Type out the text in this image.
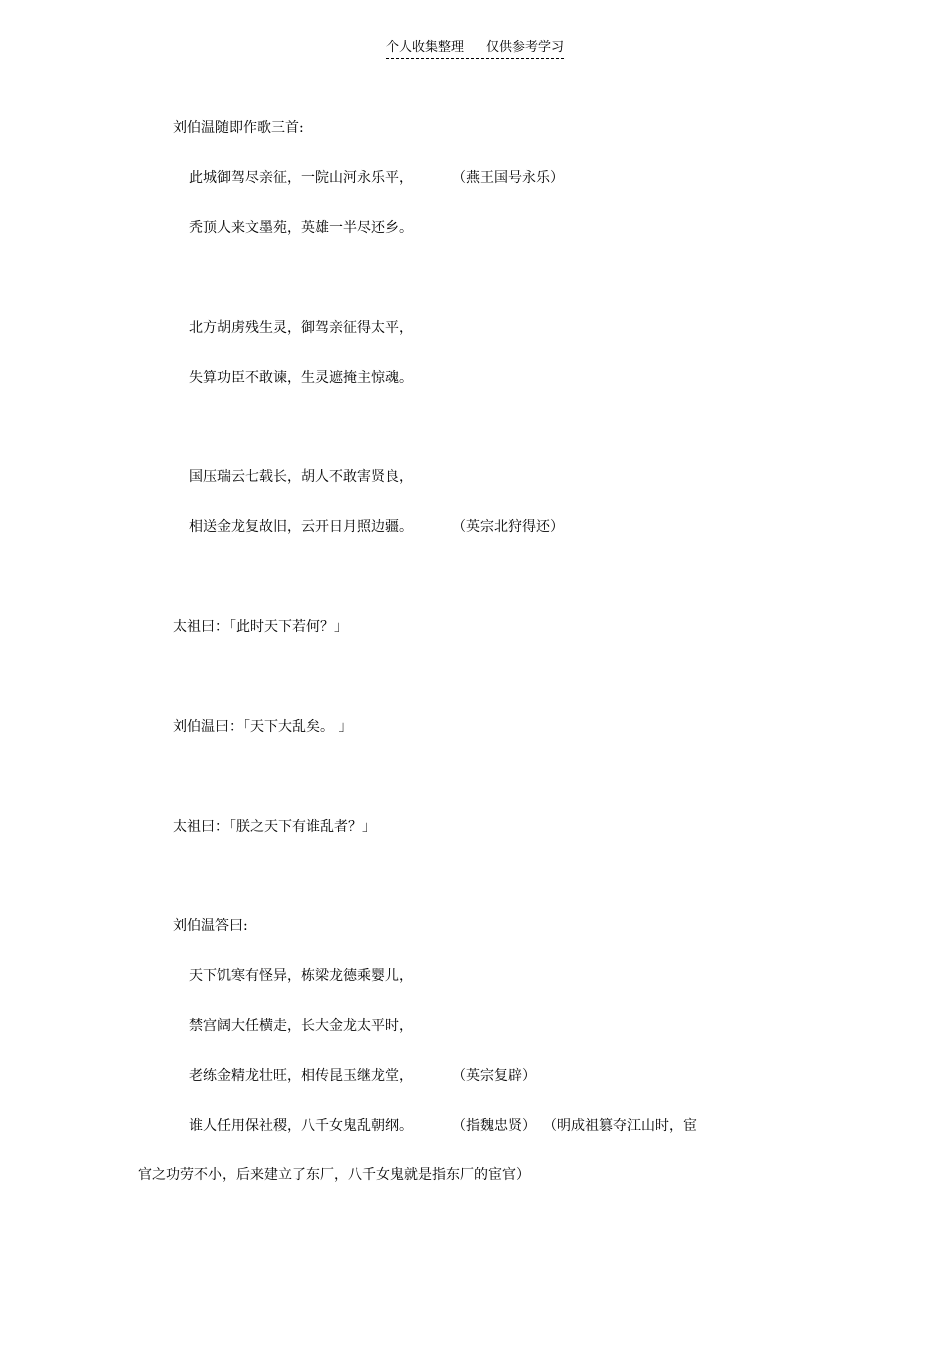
个人收集整理 仅供参考学习
刘伯温随即作歌三首:
此城御驾尽亲征，一院山河永乐平，	（燕王国号永乐）
秃顶人来文墨苑，英雄一半尽还乡。
北方胡虏残生灵，御驾亲征得太平，
失算功臣不敢谏，生灵遮掩主惊魂。
国压瑞云七载长，胡人不敢害贤良，
相送金龙复故旧，云开日月照边疆。	（英宗北狩得还）
太祖曰：「此时天下若何？」
刘伯温曰：「天下大乱矣。 」
太祖曰：「朕之天下有谁乱者？」
刘伯温答曰:
天下饥寒有怪异，栋梁龙德乘婴儿，
禁宫阔大任横走，长大金龙太平时，
老练金精龙壮旺，相传昆玉继龙堂，	（英宗复辟）
谁人任用保社稷，八千女鬼乱朝纲。	（指魏忠贤） （明成祖篡夺江山时，宦
官之功劳不小，后来建立了东厂，八千女鬼就是指东厂的宦官）
